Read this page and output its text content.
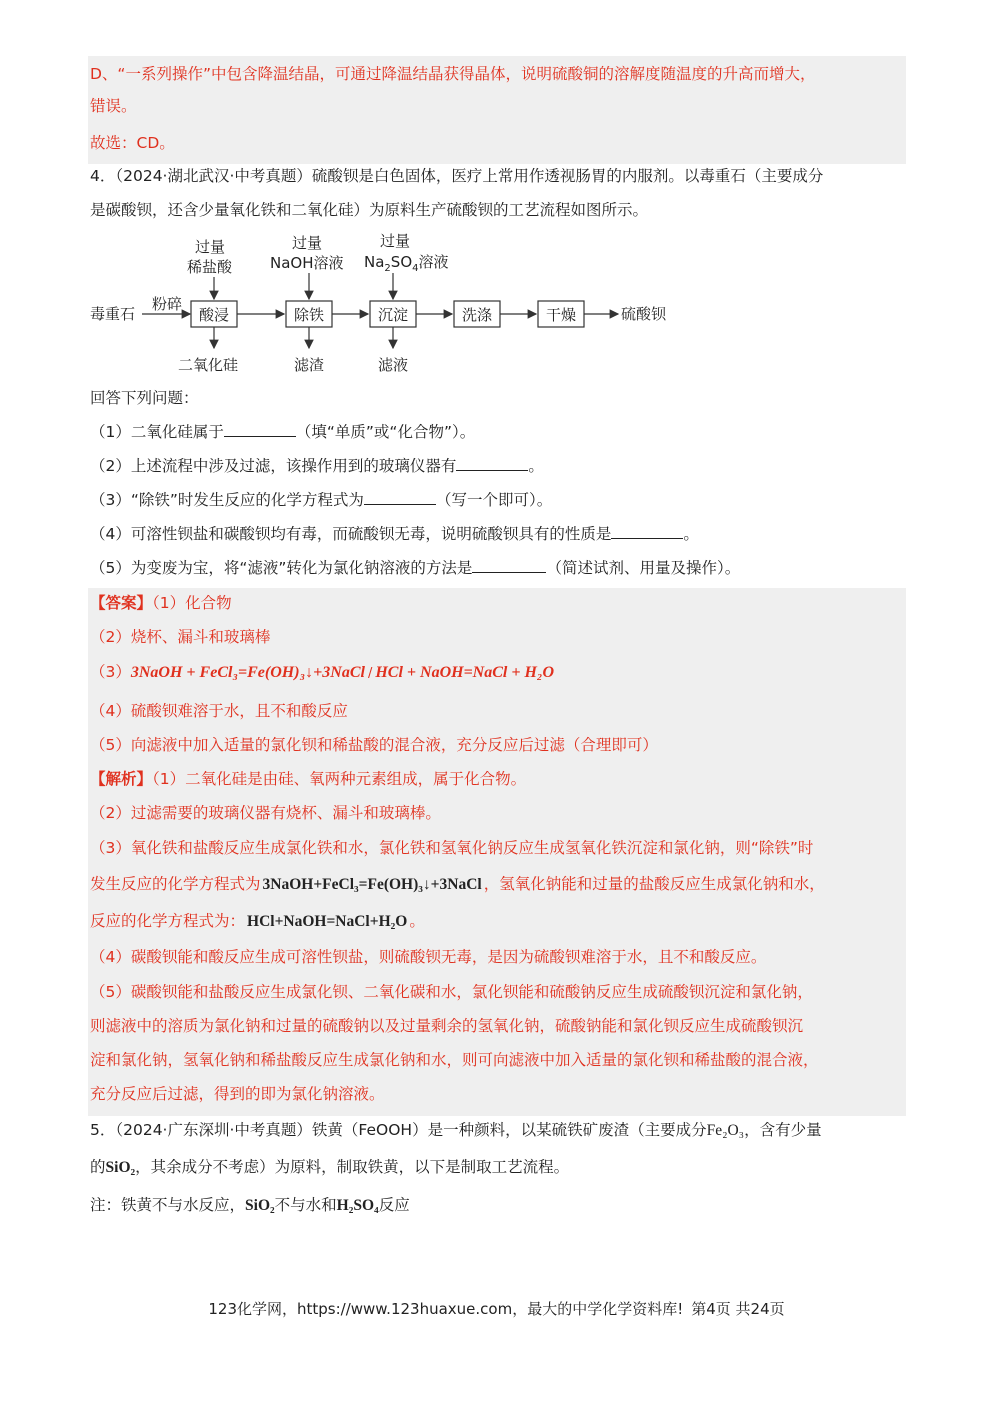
D、“一系列操作”中包含降温结晶，可通过降温结晶获得晶体，说明硫酸铜的溶解度随温度的升高而增大，
错误。
故选：CD。
4．（2024·湖北武汉·中考真题）硫酸钡是白色固体，医疗上常用作透视肠胃的内服剂。以毒重石（主要成分
是碳酸钡，还含少量氧化铁和二氧化硅）为原料生产硫酸钡的工艺流程如图所示。
毒重石
粉碎
酸浸	除铁	沉淀	洗涤	干燥	硫酸钡
过量
稀盐酸
过量
NaOH溶液
过量
$Na_2SO_4$溶液
二氧化硅	滤渣	滤液
回答下列问题：
（1）二氧化硅属于	（填“单质”或“化合物”）。
（2）上述流程中涉及过滤，该操作用到的玻璃仪器有	。
（3）“除铁”时发生反应的化学方程式为	（写一个即可）。
（4）可溶性钡盐和碳酸钡均有毒，而硫酸钡无毒，说明硫酸钡具有的性质是	。
（5）为变废为宝，将“滤液”转化为氯化钠溶液的方法是	（简述试剂、用量及操作）。
【答案】（1）化合物
（2）烧杯、漏斗和玻璃棒
（3）3NaOH + FeCl₃=Fe(OH)₃↓+3NaCl / HCl + NaOH=NaCl + H₂O
（4）硫酸钡难溶于水，且不和酸反应
（5）向滤液中加入适量的氯化钡和稀盐酸的混合液，充分反应后过滤（合理即可）
【解析】（1）二氧化硅是由硅、氧两种元素组成，属于化合物。
（2）过滤需要的玻璃仪器有烧杯、漏斗和玻璃棒。
（3）氧化铁和盐酸反应生成氯化铁和水，氯化铁和氢氧化钠反应生成氢氧化铁沉淀和氯化钠，则“除铁”时
发生反应的化学方程式为 3NaOH+FeCl₃=Fe(OH)₃↓+3NaCl ，氢氧化钠能和过量的盐酸反应生成氯化钠和水，
反应的化学方程式为： HCl+NaOH=NaCl+H₂O 。
（4）碳酸钡能和酸反应生成可溶性钡盐，则硫酸钡无毒，是因为硫酸钡难溶于水，且不和酸反应。
（5）碳酸钡能和盐酸反应生成氯化钡、二氧化碳和水，氯化钡能和硫酸钠反应生成硫酸钡沉淀和氯化钠，
则滤液中的溶质为氯化钠和过量的硫酸钠以及过量剩余的氢氧化钠，硫酸钠能和氯化钡反应生成硫酸钡沉
淀和氯化钠，氢氧化钠和稀盐酸反应生成氯化钠和水，则可向滤液中加入适量的氯化钡和稀盐酸的混合液，
充分反应后过滤，得到的即为氯化钠溶液。
5．（2024·广东深圳·中考真题）铁黄（FeOOH）是一种颜料，以某硫铁矿废渣（主要成分Fe₂O₃，含有少量
的SiO₂，其余成分不考虑）为原料，制取铁黄，以下是制取工艺流程。
注：铁黄不与水反应，SiO₂不与水和H₂SO₄反应
123化学网，https://www.123huaxue.com，最大的中学化学资料库! 第4页 共24页
